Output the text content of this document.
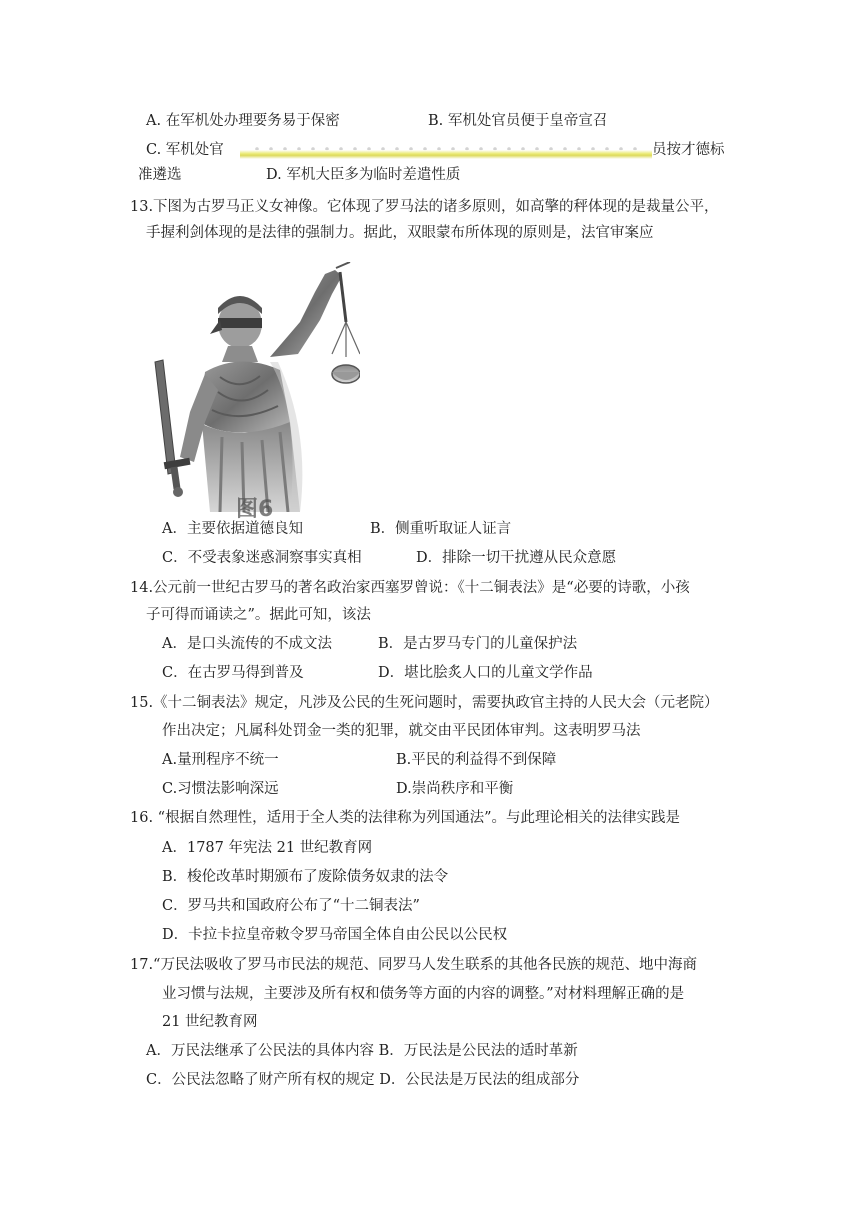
A. 在军机处办理要务易于保密	B. 军机处官员便于皇帝宣召
C. 军机处官	员按才德标
准遴选	D. 军机大臣多为临时差遣性质
13.下图为古罗马正义女神像。它体现了罗马法的诸多原则，如高擎的秤体现的是裁量公平，
手握利剑体现的是法律的强制力。据此，双眼蒙布所体现的原则是，法官审案应
图6
A．主要依据道德良知	B．侧重听取证人证言
C．不受表象迷惑洞察事实真相	D．排除一切干扰遵从民众意愿
14.公元前一世纪古罗马的著名政治家西塞罗曾说：《十二铜表法》是“必要的诗歌，小孩
子可得而诵读之”。据此可知，该法
A．是口头流传的不成文法	B．是古罗马专门的儿童保护法
C．在古罗马得到普及	D．堪比脍炙人口的儿童文学作品
15.《十二铜表法》规定，凡涉及公民的生死问题时，需要执政官主持的人民大会（元老院）
作出决定；凡属科处罚金一类的犯罪，就交由平民团体审判。这表明罗马法
A.量刑程序不统一	B.平民的利益得不到保障
C.习惯法影响深远	D.崇尚秩序和平衡
16. “根据自然理性，适用于全人类的法律称为列国通法”。与此理论相关的法律实践是
A．1787 年宪法 21 世纪教育网
B．梭伦改革时期颁布了废除债务奴隶的法令
C．罗马共和国政府公布了“十二铜表法”
D．卡拉卡拉皇帝敕令罗马帝国全体自由公民以公民权
17.“万民法吸收了罗马市民法的规范、同罗马人发生联系的其他各民族的规范、地中海商
业习惯与法规，主要涉及所有权和债务等方面的内容的调整。”对材料理解正确的是
21 世纪教育网
A．万民法继承了公民法的具体内容 B．万民法是公民法的适时革新
C．公民法忽略了财产所有权的规定 D．公民法是万民法的组成部分
